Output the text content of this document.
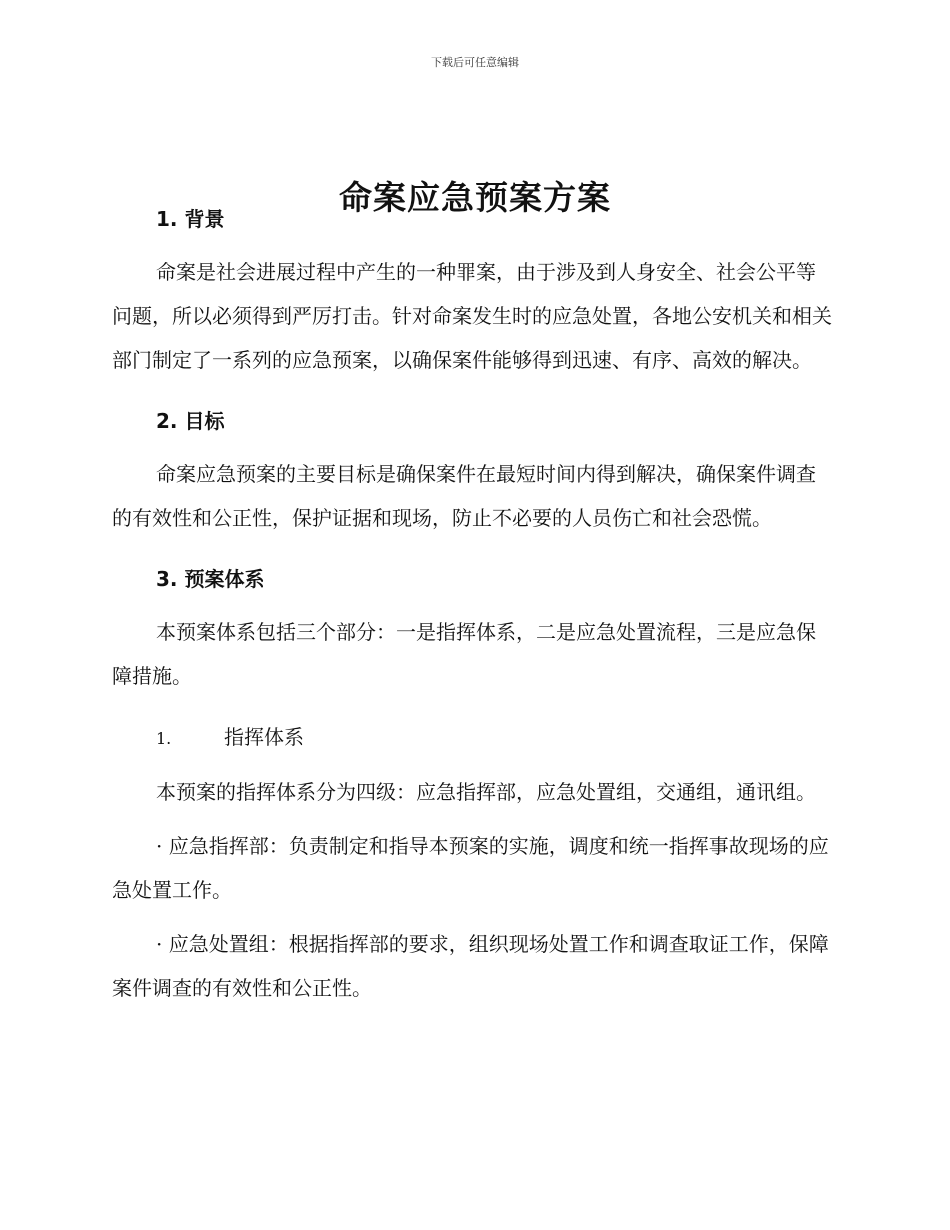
下载后可任意编辑
命案应急预案方案
1. 背景

命案是社会进展过程中产生的一种罪案，由于涉及到人身安全、社会公平等问题，所以必须得到严厉打击。针对命案发生时的应急处置，各地公安机关和相关部门制定了一系列的应急预案，以确保案件能够得到迅速、有序、高效的解决。

2. 目标

命案应急预案的主要目标是确保案件在最短时间内得到解决，确保案件调查的有效性和公正性，保护证据和现场，防止不必要的人员伤亡和社会恐慌。

3. 预案体系

本预案体系包括三个部分：一是指挥体系，二是应急处置流程，三是应急保障措施。

1.	指挥体系

本预案的指挥体系分为四级：应急指挥部，应急处置组，交通组，通讯组。

· 应急指挥部：负责制定和指导本预案的实施，调度和统一指挥事故现场的应急处置工作。

· 应急处置组：根据指挥部的要求，组织现场处置工作和调查取证工作，保障案件调查的有效性和公正性。
